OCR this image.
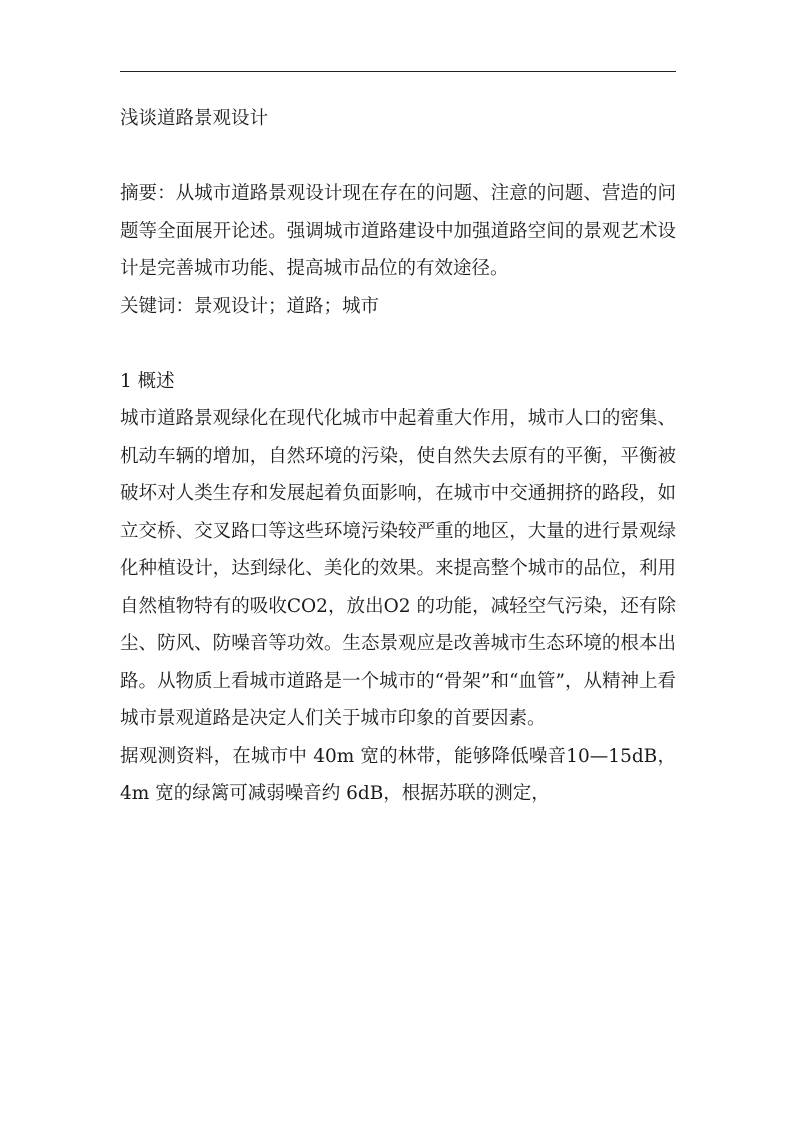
浅谈道路景观设计

摘要：从城市道路景观设计现在存在的问题、注意的问题、营造的问题等全面展开论述。强调城市道路建设中加强道路空间的景观艺术设计是完善城市功能、提高城市品位的有效途径。

关键词：景观设计；道路；城市

1 概述

城市道路景观绿化在现代化城市中起着重大作用，城市人口的密集、机动车辆的增加，自然环境的污染，使自然失去原有的平衡，平衡被破坏对人类生存和发展起着负面影响，在城市中交通拥挤的路段，如立交桥、交叉路口等这些环境污染较严重的地区，大量的进行景观绿化种植设计，达到绿化、美化的效果。来提高整个城市的品位，利用自然植物特有的吸收CO2，放出O2 的功能，减轻空气污染，还有除尘、防风、防噪音等功效。生态景观应是改善城市生态环境的根本出路。从物质上看城市道路是一个城市的“骨架”和“血管”，从精神上看城市景观道路是决定人们关于城市印象的首要因素。

据观测资料，在城市中 40m 宽的林带，能够降低噪音10—15dB，4m 宽的绿篱可减弱噪音约 6dB，根据苏联的测定，
